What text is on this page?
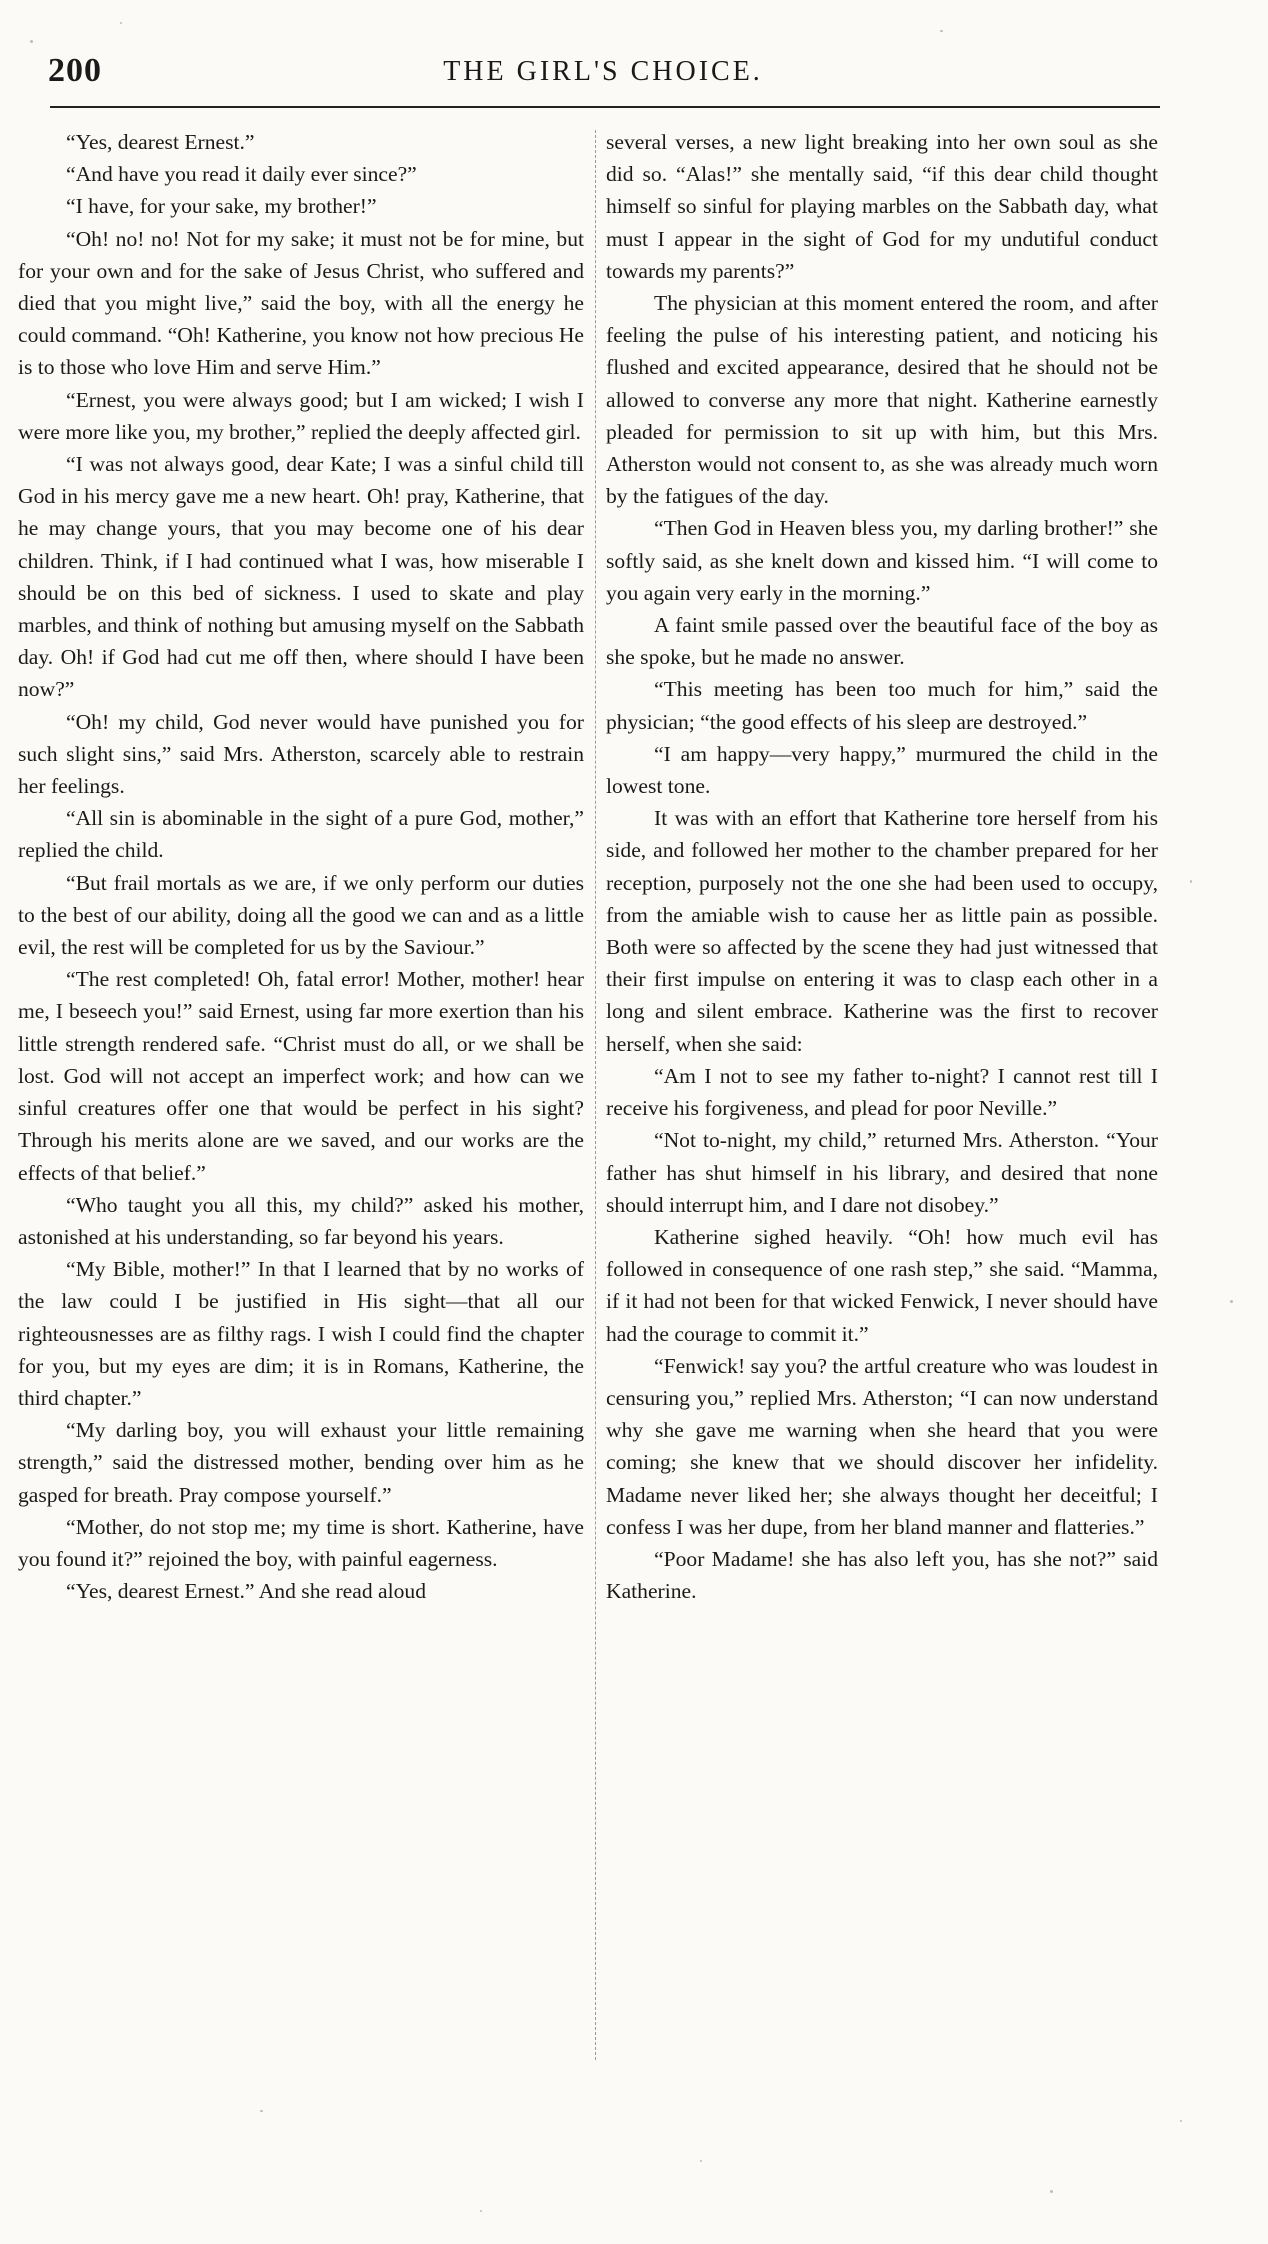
200	THE GIRL'S CHOICE.

“Yes, dearest Ernest.”

“And have you read it daily ever since?”

“I have, for your sake, my brother!”

“Oh! no! no! Not for my sake; it must not be for mine, but for your own and for the sake of Jesus Christ, who suffered and died that you might live,” said the boy, with all the energy he could command. “Oh! Katherine, you know not how precious He is to those who love Him and serve Him.”

“Ernest, you were always good; but I am wicked; I wish I were more like you, my brother,” replied the deeply affected girl.

“I was not always good, dear Kate; I was a sinful child till God in his mercy gave me a new heart. Oh! pray, Katherine, that he may change yours, that you may become one of his dear children. Think, if I had continued what I was, how miserable I should be on this bed of sickness. I used to skate and play marbles, and think of nothing but amusing myself on the Sabbath day. Oh! if God had cut me off then, where should I have been now?”

“Oh! my child, God never would have punished you for such slight sins,” said Mrs. Atherston, scarcely able to restrain her feelings.

“All sin is abominable in the sight of a pure God, mother,” replied the child.

“But frail mortals as we are, if we only perform our duties to the best of our ability, doing all the good we can and as a little evil, the rest will be completed for us by the Saviour.”

“The rest completed! Oh, fatal error! Mother, mother! hear me, I beseech you!” said Ernest, using far more exertion than his little strength rendered safe. “Christ must do all, or we shall be lost. God will not accept an imperfect work; and how can we sinful creatures offer one that would be perfect in his sight? Through his merits alone are we saved, and our works are the effects of that belief.”

“Who taught you all this, my child?” asked his mother, astonished at his understanding, so far beyond his years.

“My Bible, mother!” In that I learned that by no works of the law could I be justified in His sight—that all our righteousnesses are as filthy rags. I wish I could find the chapter for you, but my eyes are dim; it is in Romans, Katherine, the third chapter.”

“My darling boy, you will exhaust your little remaining strength,” said the distressed mother, bending over him as he gasped for breath. Pray compose yourself.”

“Mother, do not stop me; my time is short. Katherine, have you found it?” rejoined the boy, with painful eagerness.

“Yes, dearest Ernest.” And she read aloud

several verses, a new light breaking into her own soul as she did so. “Alas!” she mentally said, “if this dear child thought himself so sinful for playing marbles on the Sabbath day, what must I appear in the sight of God for my undutiful conduct towards my parents?”

The physician at this moment entered the room, and after feeling the pulse of his interesting patient, and noticing his flushed and excited appearance, desired that he should not be allowed to converse any more that night. Katherine earnestly pleaded for permission to sit up with him, but this Mrs. Atherston would not consent to, as she was already much worn by the fatigues of the day.

“Then God in Heaven bless you, my darling brother!” she softly said, as she knelt down and kissed him. “I will come to you again very early in the morning.”

A faint smile passed over the beautiful face of the boy as she spoke, but he made no answer.

“This meeting has been too much for him,” said the physician; “the good effects of his sleep are destroyed.”

“I am happy—very happy,” murmured the child in the lowest tone.

It was with an effort that Katherine tore herself from his side, and followed her mother to the chamber prepared for her reception, purposely not the one she had been used to occupy, from the amiable wish to cause her as little pain as possible. Both were so affected by the scene they had just witnessed that their first impulse on entering it was to clasp each other in a long and silent embrace. Katherine was the first to recover herself, when she said:

“Am I not to see my father to-night? I cannot rest till I receive his forgiveness, and plead for poor Neville.”

“Not to-night, my child,” returned Mrs. Atherston. “Your father has shut himself in his library, and desired that none should interrupt him, and I dare not disobey.”

Katherine sighed heavily. “Oh! how much evil has followed in consequence of one rash step,” she said. “Mamma, if it had not been for that wicked Fenwick, I never should have had the courage to commit it.”

“Fenwick! say you? the artful creature who was loudest in censuring you,” replied Mrs. Atherston; “I can now understand why she gave me warning when she heard that you were coming; she knew that we should discover her infidelity. Madame never liked her; she always thought her deceitful; I confess I was her dupe, from her bland manner and flatteries.”

“Poor Madame! she has also left you, has she not?” said Katherine.
